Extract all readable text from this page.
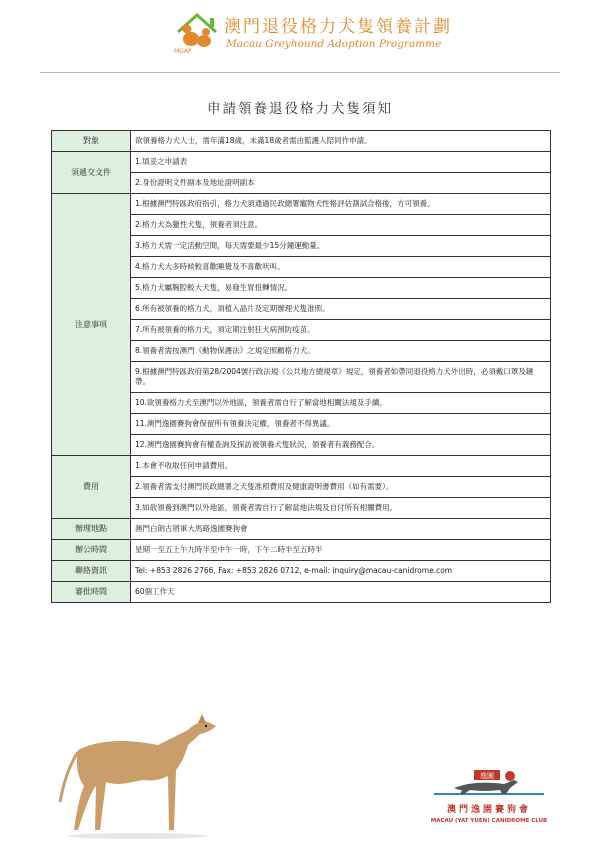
MGAP
澳門退役格力犬隻領養計劃
Macau Greyhound Adoption Programme
申請領養退役格力犬隻須知
對象	欲領養格力犬人士，需年滿18歲，未滿18歲者需由監護人陪同作申請。
須遞交文件	1.填妥之申請表
	2.身份證明文件副本及地址證明副本
注意事項	1.根據澳門特區政府指引，格力犬須通過民政總署寵物犬性格評估測試合格後，方可領養。
	2.格力犬為獵性犬隻，領養者須注意。
	3.格力犬需一定活動空間，每天需要最少15分鐘運動量。
	4.格力犬大多時候較喜歡睡覺及不喜歡吠叫。
	5.格力犬屬胸腔較大犬隻，易發生胃扭轉情況。
	6.所有被領養的格力犬，須植入晶片及定期辦理犬隻准照。
	7.所有被領養的格力犬，須定期注射狂犬病預防疫苗。
	8.領養者需按澳門《動物保護法》之規定照顧格力犬。
	9.根據澳門特區政府第28/2004號行政法規《公共地方總規章》規定，領養者如帶同退役格力犬外出時，必須戴口罩及鏈帶。
	10.欲領養格力犬至澳門以外地區，領養者需自行了解當地相關法規及手續。
	11.澳門逸園賽狗會保留所有領養決定權，領養者不得異議。
	12.澳門逸園賽狗會有權查詢及探訪被領養犬隻狀況，領養者有義務配合。
費用	1.本會不收取任何申請費用。
	2.領養者需支付澳門民政總署之犬隻准照費用及健康證明書費用（如有需要）。
	3.如欲領養到澳門以外地區，領養者需自行了解當地法規及自付所有相關費用。
辦理地點	澳門白朗古將軍大馬路逸園賽狗會
辦公時間	星期一至五上午九時半至中午一時，下午二時半至五時半
聯絡資訊	Tel: +853 2826 2766, Fax: +853 2826 0712, e-mail: inquiry@macau-canidrome.com
審批時間	60個工作天
逸園
澳門逸園賽狗會
MACAU (YAT YUEN) CANIDROME CLUB
